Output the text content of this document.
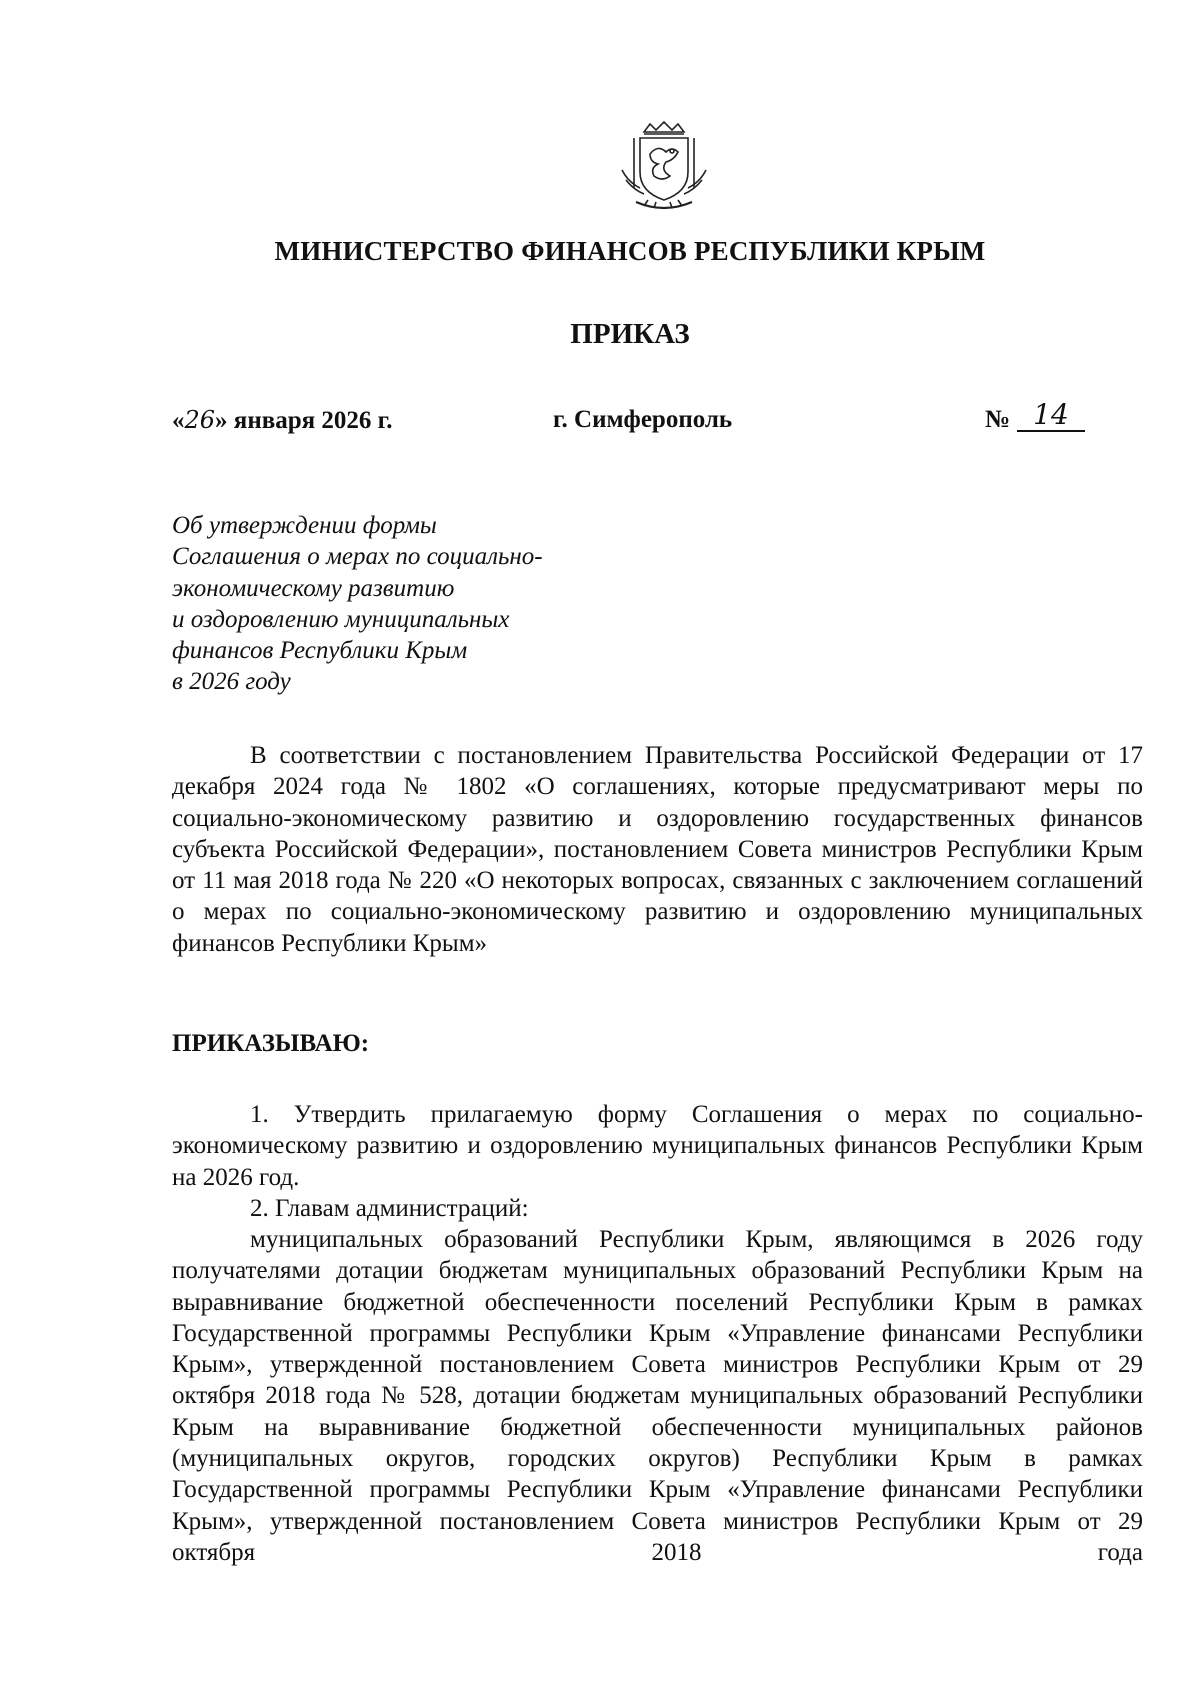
МИНИСТЕРСТВО ФИНАНСОВ РЕСПУБЛИКИ КРЫМ
ПРИКАЗ
«26» января 2026 г.	г. Симферополь	№ 14
Об утверждении формы
Соглашения о мерах по социально-
экономическому развитию
и оздоровлению муниципальных
финансов Республики Крым
в 2026 году

В соответствии с постановлением Правительства Российской Федерации от 17 декабря 2024 года № 1802 «О соглашениях, которые предусматривают меры по социально-экономическому развитию и оздоровлению государственных финансов субъекта Российской Федерации», постановлением Совета министров Республики Крым от 11 мая 2018 года № 220 «О некоторых вопросах, связанных с заключением соглашений о мерах по социально-экономическому развитию и оздоровлению муниципальных финансов Республики Крым»

ПРИКАЗЫВАЮ:

1. Утвердить прилагаемую форму Соглашения о мерах по социально-экономическому развитию и оздоровлению муниципальных финансов Республики Крым на 2026 год.

2. Главам администраций:

муниципальных образований Республики Крым, являющимся в 2026 году получателями дотации бюджетам муниципальных образований Республики Крым на выравнивание бюджетной обеспеченности поселений Республики Крым в рамках Государственной программы Республики Крым «Управление финансами Республики Крым», утвержденной постановлением Совета министров Республики Крым от 29 октября 2018 года № 528, дотации бюджетам муниципальных образований Республики Крым на выравнивание бюджетной обеспеченности муниципальных районов (муниципальных округов, городских округов) Республики Крым в рамках Государственной программы Республики Крым «Управление финансами Республики Крым», утвержденной постановлением Совета министров Республики Крым от 29 октября 2018 года
